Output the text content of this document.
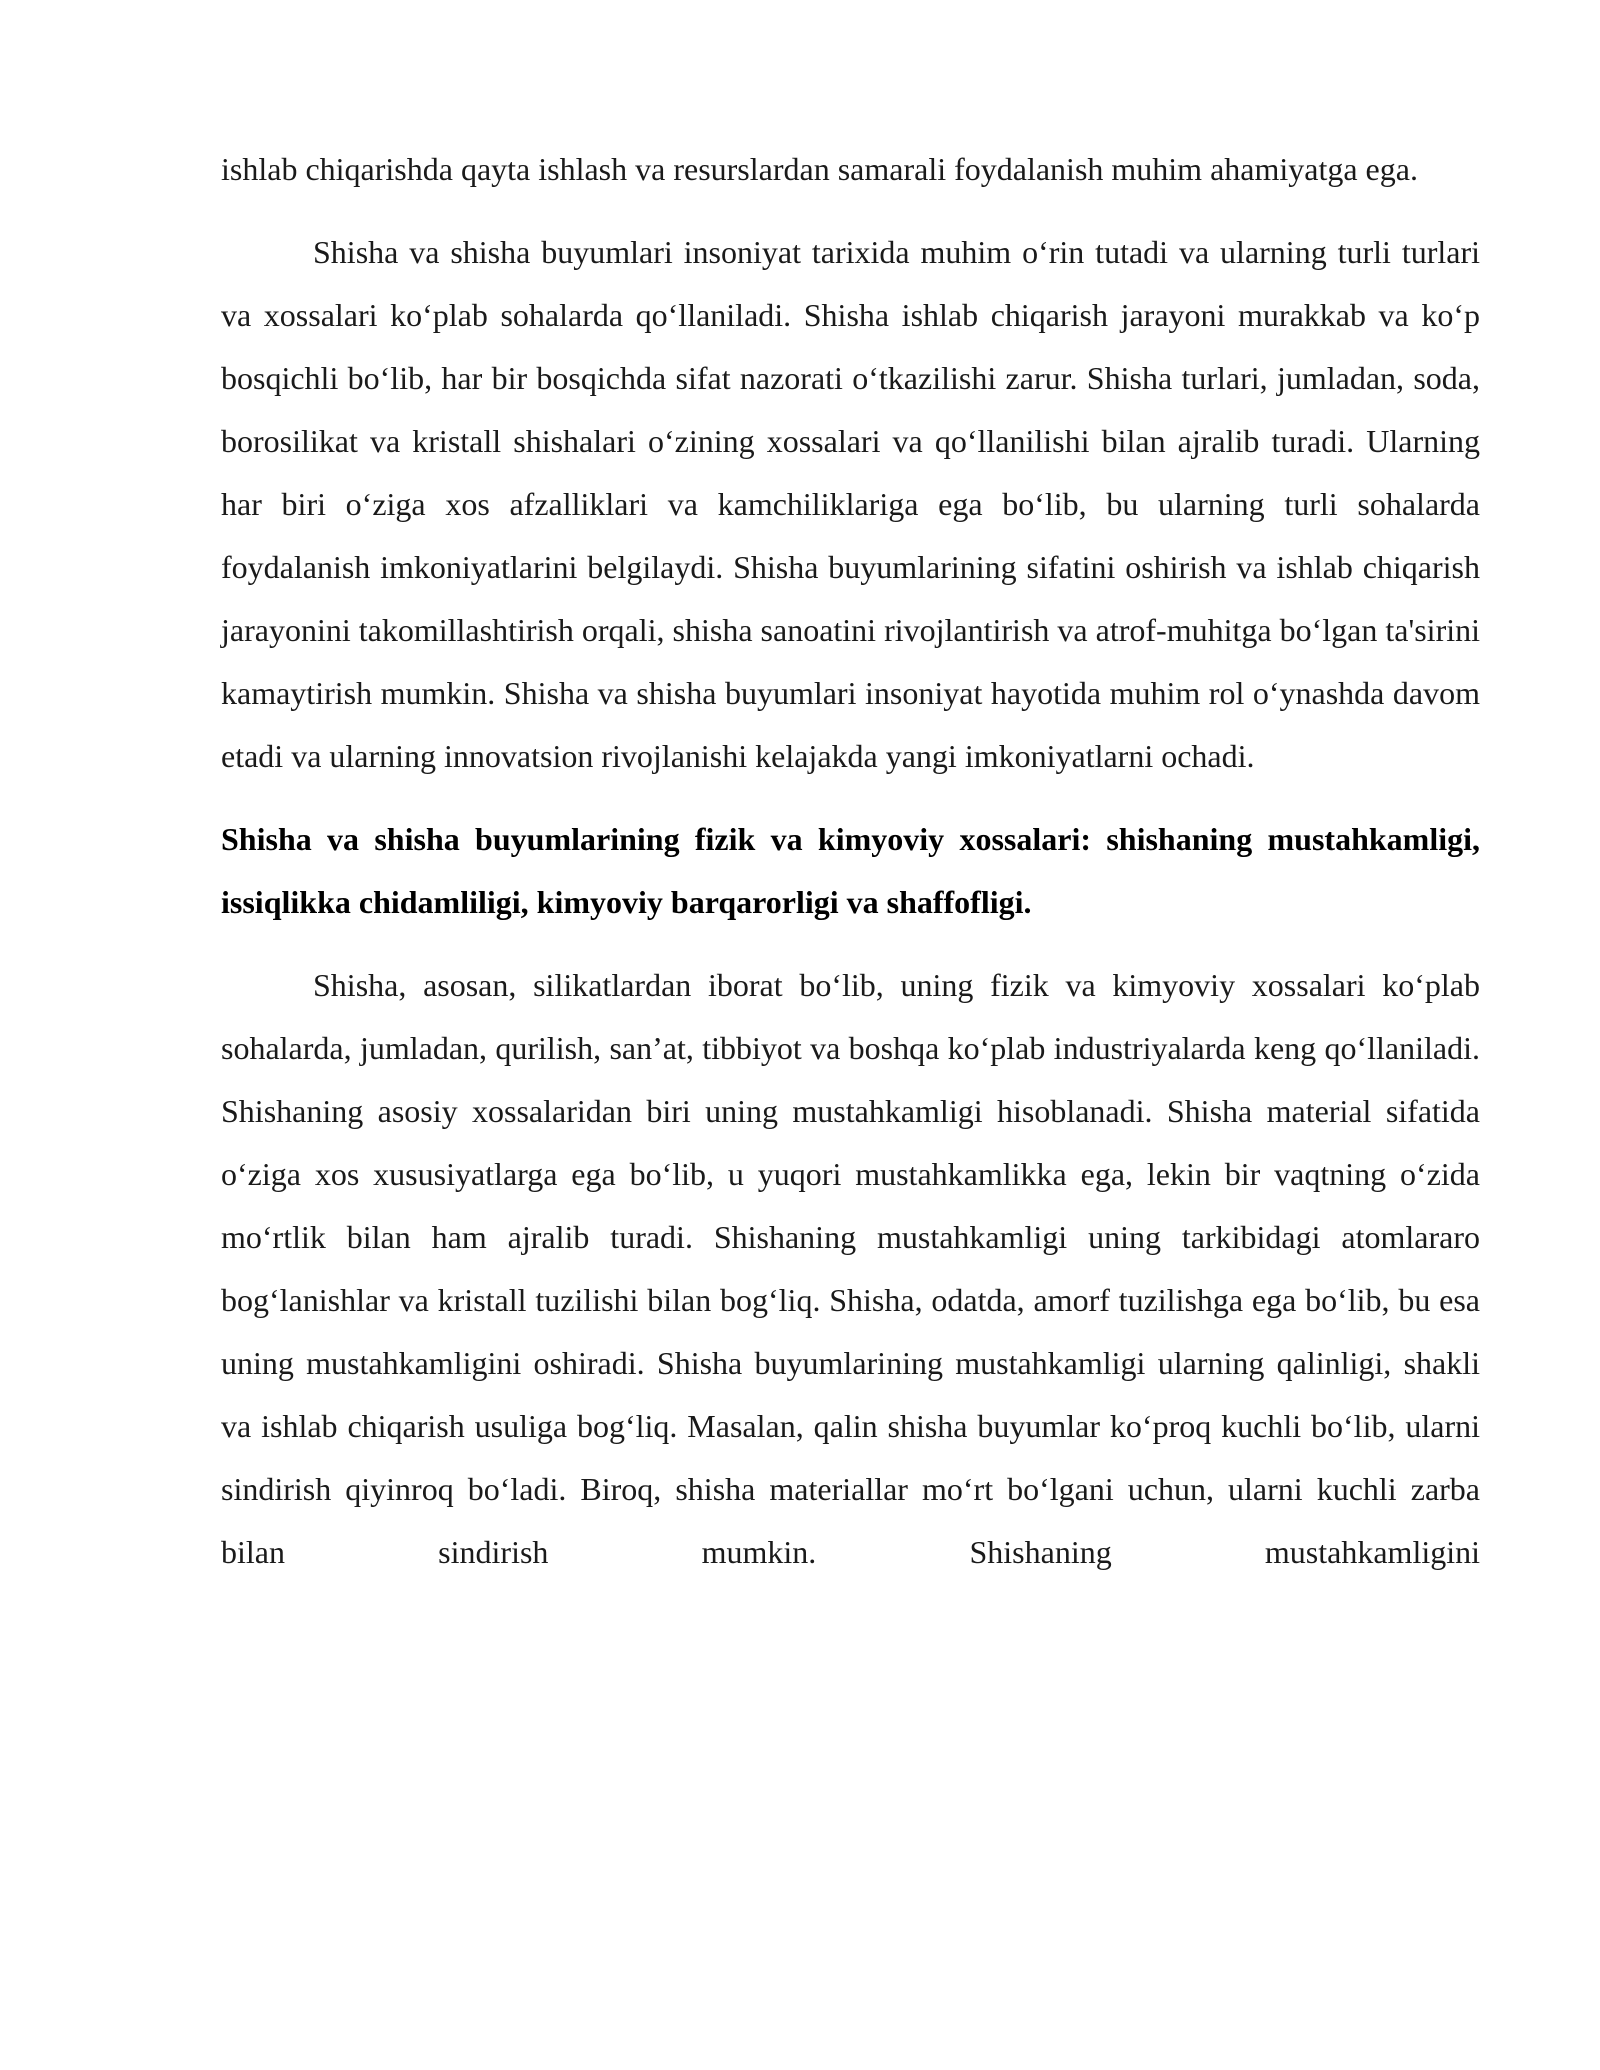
ishlab chiqarishda qayta ishlash va resurslardan samarali foydalanish muhim ahamiyatga ega.

Shisha va shisha buyumlari insoniyat tarixida muhim o‘rin tutadi va ularning turli turlari va xossalari ko‘plab sohalarda qo‘llaniladi. Shisha ishlab chiqarish jarayoni murakkab va ko‘p bosqichli bo‘lib, har bir bosqichda sifat nazorati o‘tkazilishi zarur. Shisha turlari, jumladan, soda, borosilikat va kristall shishalari o‘zining xossalari va qo‘llanilishi bilan ajralib turadi. Ularning har biri o‘ziga xos afzalliklari va kamchiliklariga ega bo‘lib, bu ularning turli sohalarda foydalanish imkoniyatlarini belgilaydi. Shisha buyumlarining sifatini oshirish va ishlab chiqarish jarayonini takomillashtirish orqali, shisha sanoatini rivojlantirish va atrof-muhitga bo‘lgan ta'sirini kamaytirish mumkin. Shisha va shisha buyumlari insoniyat hayotida muhim rol o‘ynashda davom etadi va ularning innovatsion rivojlanishi kelajakda yangi imkoniyatlarni ochadi.

Shisha va shisha buyumlarining fizik va kimyoviy xossalari: shishaning mustahkamligi, issiqlikka chidamliligi, kimyoviy barqarorligi va shaffofligi.

Shisha, asosan, silikatlardan iborat bo‘lib, uning fizik va kimyoviy xossalari ko‘plab sohalarda, jumladan, qurilish, san’at, tibbiyot va boshqa ko‘plab industriyalarda keng qo‘llaniladi. Shishaning asosiy xossalaridan biri uning mustahkamligi hisoblanadi. Shisha material sifatida o‘ziga xos xususiyatlarga ega bo‘lib, u yuqori mustahkamlikka ega, lekin bir vaqtning o‘zida mo‘rtlik bilan ham ajralib turadi. Shishaning mustahkamligi uning tarkibidagi atomlararo bog‘lanishlar va kristall tuzilishi bilan bog‘liq. Shisha, odatda, amorf tuzilishga ega bo‘lib, bu esa uning mustahkamligini oshiradi. Shisha buyumlarining mustahkamligi ularning qalinligi, shakli va ishlab chiqarish usuliga bog‘liq. Masalan, qalin shisha buyumlar ko‘proq kuchli bo‘lib, ularni sindirish qiyinroq bo‘ladi. Biroq, shisha materiallar mo‘rt bo‘lgani uchun, ularni kuchli zarba bilan sindirish mumkin. Shishaning mustahkamligini
